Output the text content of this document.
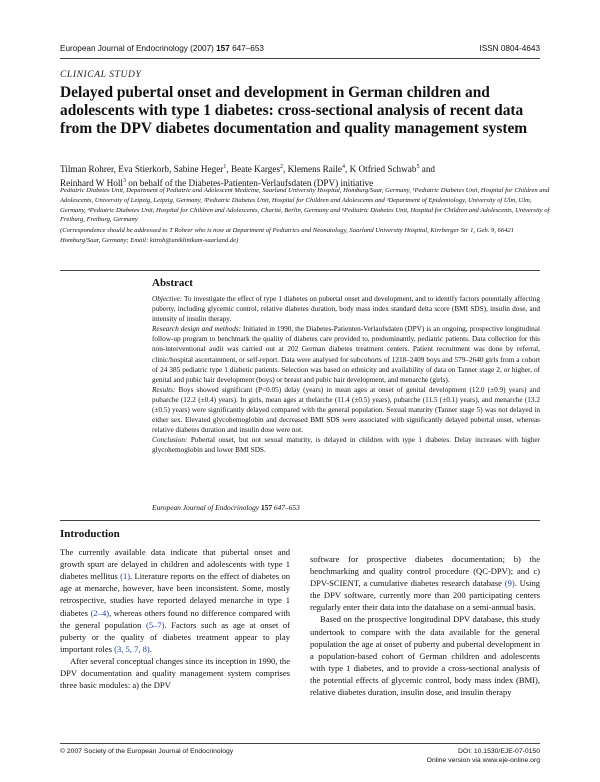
European Journal of Endocrinology (2007) 157 647–653	ISSN 0804-4643
CLINICAL STUDY
Delayed pubertal onset and development in German children and adolescents with type 1 diabetes: cross-sectional analysis of recent data from the DPV diabetes documentation and quality management system

Tilman Rohrer, Eva Stierkorb, Sabine Heger$^1$, Beate Karges$^2$, Klemens Raile$^4$, K Otfried Schwab$^5$ and
Reinhard W Holl$^3$ on behalf of the Diabetes-Patienten-Verlaufsdaten (DPV) initiative

Pediatric Diabetes Unit, Department of Pediatric and Adolescent Medicine, Saarland University Hospital, Homburg/Saar, Germany, ¹Pediatric Diabetes Unit, Hospital for Children and Adolescents, University of Leipzig, Leipzig, Germany, ²Pediatric Diabetes Unit, Hospital for Children and Adolescents and ³Department of Epidemiology, University of Ulm, Ulm, Germany, ⁴Pediatric Diabetes Unit, Hospital for Children and Adolescents, Charité, Berlin, Germany and ⁵Pediatric Diabetes Unit, Hospital for Children and Adolescents, University of Freiburg, Freiburg, Germany

(Correspondence should be addressed to T Rohrer who is now at Department of Pediatrics and Neonatology, Saarland University Hospital, Kirrberger Str 1, Geb. 9, 66421 Homburg/Saar, Germany; Email: kitroh@uniklinikum-saarland.de)

Abstract

Objective: To investigate the effect of type 1 diabetes on pubertal onset and development, and to identify factors potentially affecting puberty, including glycemic control, relative diabetes duration, body mass index standard delta score (BMI SDS), insulin dose, and intensity of insulin therapy.

Research design and methods: Initiated in 1990, the Diabetes-Patienten-Verlaufsdaten (DPV) is an ongoing, prospective longitudinal follow-up program to benchmark the quality of diabetes care provided to, predominantly, pediatric patients. Data collection for this non-interventional audit was carried out at 202 German diabetes treatment centers. Patient recruitment was done by referral, clinic/hospital ascertainment, or self-report. Data were analysed for subcohorts of 1218–2409 boys and 579–2640 girls from a cohort of 24 385 pediatric type 1 diabetic patients. Selection was based on ethnicity and availability of data on Tanner stage 2, or higher, of genital and pubic hair development (boys) or breast and pubic hair development, and menarche (girls).

Results: Boys showed significant (P<0.05) delay (years) in mean ages at onset of genital development (12.0 (±0.9) years) and pubarche (12.2 (±0.4) years). In girls, mean ages at thelarche (11.4 (±0.5) years), pubarche (11.5 (±0.1) years), and menarche (13.2 (±0.5) years) were significantly delayed compared with the general population. Sexual maturity (Tanner stage 5) was not delayed in either sex. Elevated glycohemoglobin and decreased BMI SDS were associated with significantly delayed pubertal onset, whereas relative diabetes duration and insulin dose were not.

Conclusion: Pubertal onset, but not sexual maturity, is delayed in children with type 1 diabetes. Delay increases with higher glycohemoglobin and lower BMI SDS.

European Journal of Endocrinology 157 647–653
Introduction

The currently available data indicate that pubertal onset and growth spurt are delayed in children and adolescents with type 1 diabetes mellitus (1). Literature reports on the effect of diabetes on age at menarche, however, have been inconsistent. Some, mostly retrospective, studies have reported delayed menarche in type 1 diabetes (2–4), whereas others found no difference compared with the general population (5–7). Factors such as age at onset of puberty or the quality of diabetes treatment appear to play important roles (3, 5, 7, 8).

After several conceptual changes since its inception in 1990, the DPV documentation and quality management system comprises three basic modules: a) the DPV

software for prospective diabetes documentation; b) the benchmarking and quality control procedure (QC-DPV); and c) DPV-SCIENT, a cumulative diabetes research database (9). Using the DPV software, currently more than 200 participating centers regularly enter their data into the database on a semi-annual basis.

Based on the prospective longitudinal DPV database, this study undertook to compare with the data available for the general population the age at onset of puberty and pubertal development in a population-based cohort of German children and adolescents with type 1 diabetes, and to provide a cross-sectional analysis of the potential effects of glycemic control, body mass index (BMI), relative diabetes duration, insulin dose, and insulin therapy

© 2007 Society of the European Journal of Endocrinology	DOI: 10.1530/EJE-07-0150
Online version via www.eje-online.org
